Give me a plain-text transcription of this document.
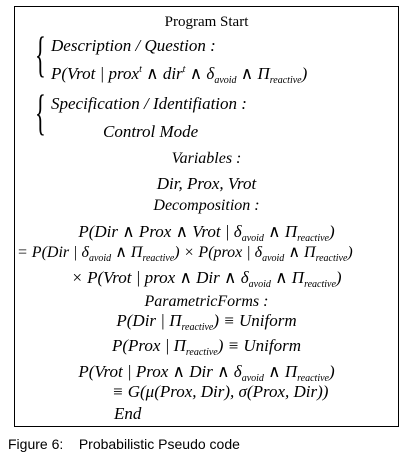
Program Start
{ Description / Question :
P(Vrot | prox$^t$ ∧ dir$^t$ ∧ $\delta_{avoid}$ ∧ $\Pi_{reactive}$)
{ Specification / Identifiation :
Control Mode
Variables :
Dir, Prox, Vrot
Decomposition :
P(Dir ∧ Prox ∧ Vrot | $\delta_{avoid}$ ∧ $\Pi_{reactive}$)
= P(Dir | $\delta_{avoid}$ ∧ $\Pi_{reactive}$) × P(prox | $\delta_{avoid}$ ∧ $\Pi_{reactive}$)
× P(Vrot | prox ∧ Dir ∧ $\delta_{avoid}$ ∧ $\Pi_{reactive}$)
ParametricForms :
P(Dir | $\Pi_{reactive}$) ≡ Uniform
P(Prox | $\Pi_{reactive}$) ≡ Uniform
P(Vrot | Prox ∧ Dir ∧ $\delta_{avoid}$ ∧ $\Pi_{reactive}$)
≡ G(μ(Prox, Dir), σ(Prox, Dir))
End
Figure 6: Probabilistic Pseudo code
